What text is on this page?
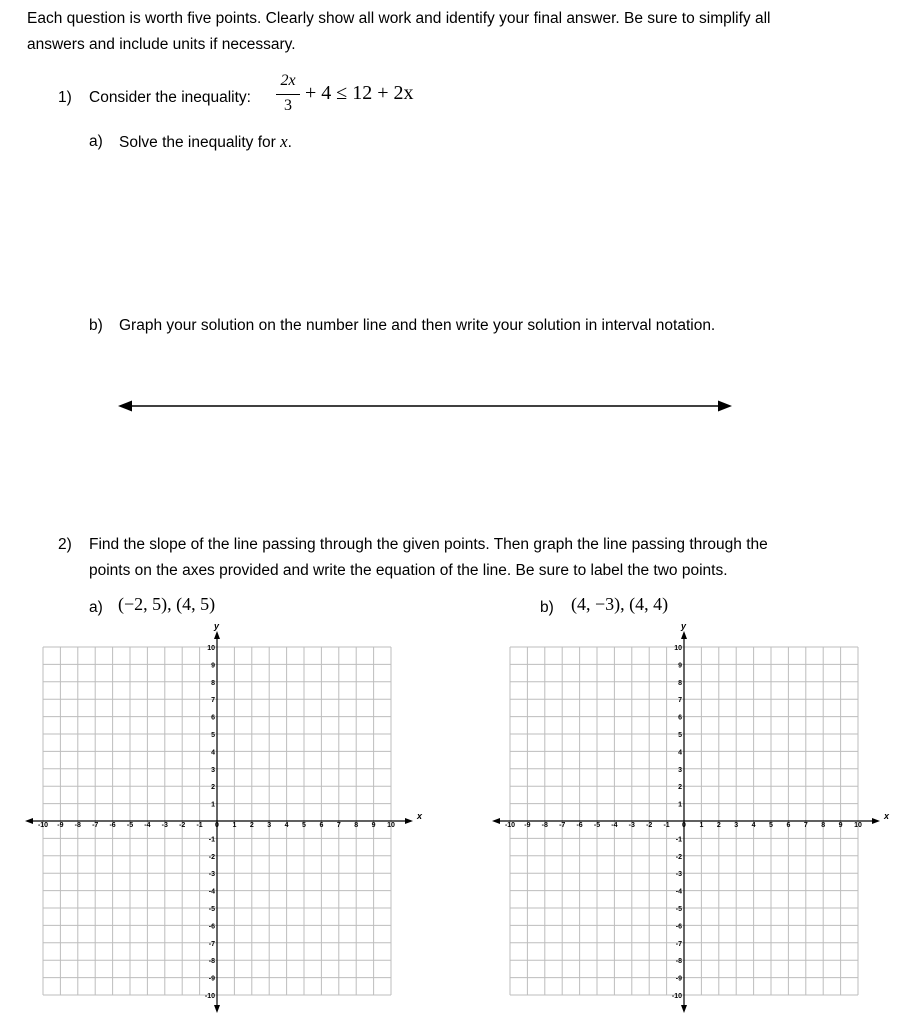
Each question is worth five points. Clearly show all work and identify your final answer. Be sure to simplify all
answers and include units if necessary.
1) Consider the inequality:
2x
3
+ 4 ≤ 12 + 2x
a) Solve the inequality for x.
b) Graph your solution on the number line and then write your solution in interval notation.
2) Find the slope of the line passing through the given points. Then graph the line passing through the
points on the axes provided and write the equation of the line. Be sure to label the two points.
a) (−2, 5), (4, 5)	b) (4, −3), (4, 4)
x
y
-10 -9 -8 -7 -6 -5 -4 -3 -2 -1 0 1 2 3 4 5 6 7 8 9 10
10
9
8
7
6
5
4
3
2
1
-1
-2
-3
-4
-5
-6
-7
-8
-9
-10
x
y
-10 -9 -8 -7 -6 -5 -4 -3 -2 -1 0 1 2 3 4 5 6 7 8 9 10
10
9
8
7
6
5
4
3
2
1
-1
-2
-3
-4
-5
-6
-7
-8
-9
-10
